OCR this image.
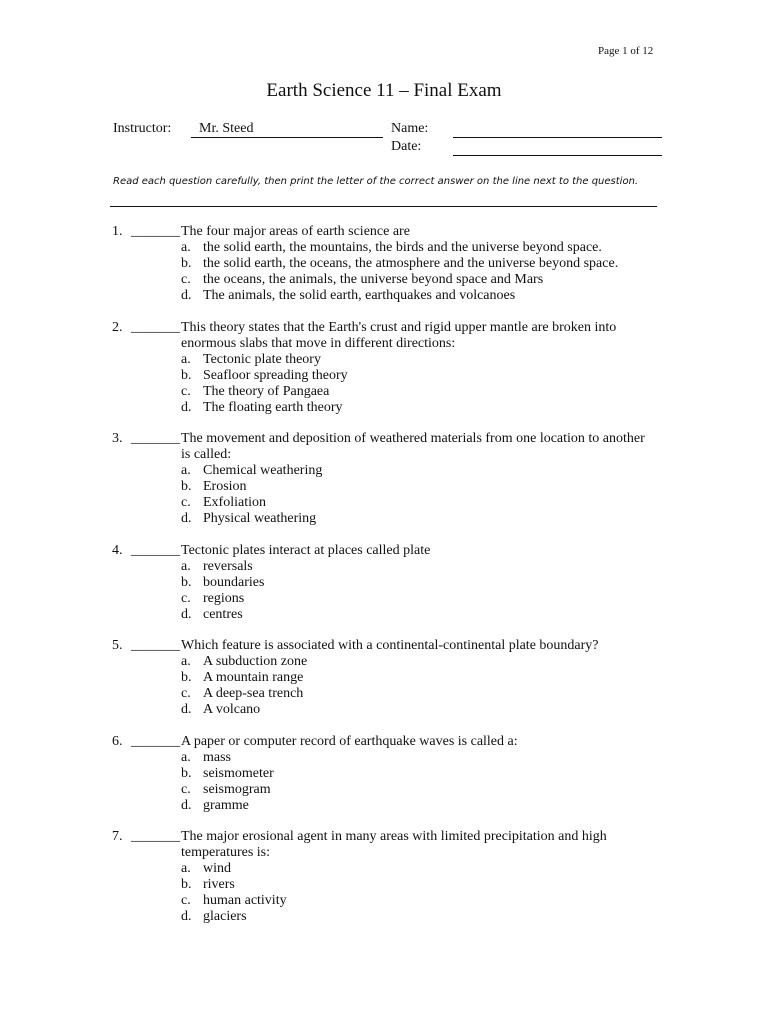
Page 1 of 12
Earth Science 11 – Final Exam
Instructor: Mr. Steed	Name:
Date:
Read each question carefully, then print the letter of the correct answer on the line next to the question.
1. _______ The four major areas of earth science are
a. the solid earth, the mountains, the birds and the universe beyond space.
b. the solid earth, the oceans, the atmosphere and the universe beyond space.
c. the oceans, the animals, the universe beyond space and Mars
d. The animals, the solid earth, earthquakes and volcanoes
2. _______ This theory states that the Earth's crust and rigid upper mantle are broken into enormous slabs that move in different directions:
a. Tectonic plate theory
b. Seafloor spreading theory
c. The theory of Pangaea
d. The floating earth theory
3. _______ The movement and deposition of weathered materials from one location to another is called:
a. Chemical weathering
b. Erosion
c. Exfoliation
d. Physical weathering
4. _______ Tectonic plates interact at places called plate
a. reversals
b. boundaries
c. regions
d. centres
5. _______ Which feature is associated with a continental-continental plate boundary?
a. A subduction zone
b. A mountain range
c. A deep-sea trench
d. A volcano
6. _______ A paper or computer record of earthquake waves is called a:
a. mass
b. seismometer
c. seismogram
d. gramme
7. _______ The major erosional agent in many areas with limited precipitation and high temperatures is:
a. wind
b. rivers
c. human activity
d. glaciers
